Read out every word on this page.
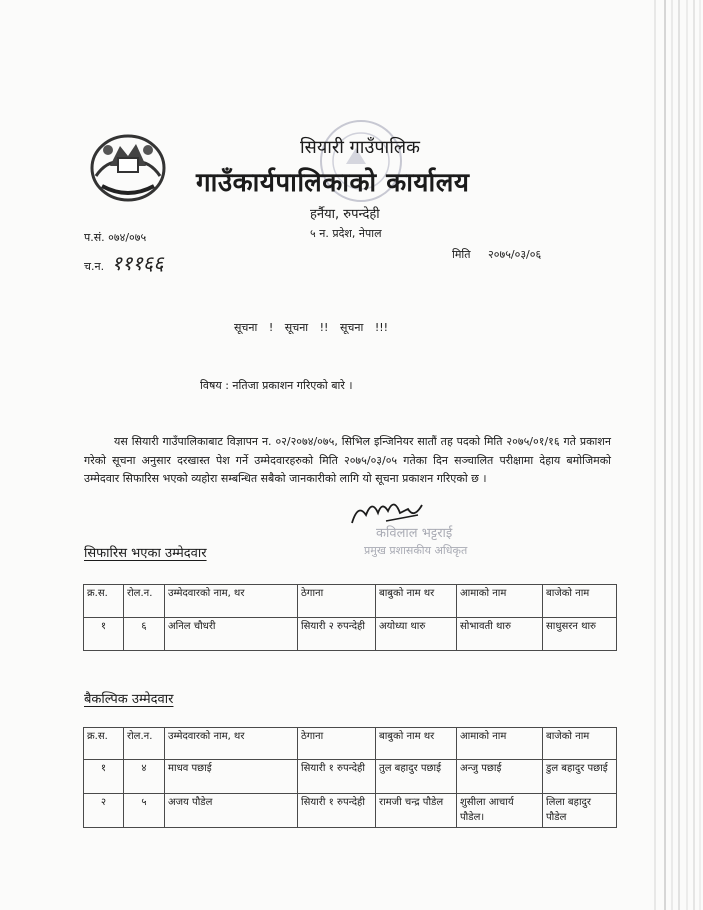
सियारी गाउँपालिक
गाउँकार्यपालिकाको कार्यालय
हर्नैया, रुपन्देही
५ न. प्रदेश, नेपाल
प.सं. ०७४/०७५
च.न. १११६६	मिति २०७५/०३/०६
सूचना ! सूचना !! सूचना !!!
विषय : नतिजा प्रकाशन गरिएको बारे ।
यस सियारी गाउँपालिकाबाट विज्ञापन न. ०२/२०७४/०७५, सिभिल इन्जिनियर सातौं तह पदको मिति २०७५/०१/१६ गते प्रकाशन गरेको सूचना अनुसार दरखास्त पेश गर्ने उम्मेदवारहरुको मिति २०७५/०३/०५ गतेका दिन सञ्चालित परीक्षामा देहाय बमोजिमको उम्मेदवार सिफारिस भएको व्यहोरा सम्बन्धित सबैको जानकारीको लागि यो सूचना प्रकाशन गरिएको छ ।
कविलाल भट्टराई
प्रमुख प्रशासकीय अधिकृत
सिफारिस भएका उम्मेदवार
क्र.स.	रोल.न.	उम्मेदवारको नाम, थर	ठेगाना	बाबुको नाम थर	आमाको नाम	बाजेको नाम
१	६	अनिल चौधरी	सियारी २ रुपन्देही	अयोध्या थारु	सोभावती थारु	साधुसरन थारु
बैकल्पिक उम्मेदवार
क्र.स.	रोल.न.	उम्मेदवारको नाम, थर	ठेगाना	बाबुको नाम थर	आमाको नाम	बाजेको नाम
१	४	माधव पछाई	सियारी १ रुपन्देही	तुल बहादुर पछाई	अन्जु पछाई	डुल बहादुर पछाई
२	५	अजय पौडेल	सियारी १ रुपन्देही	रामजी चन्द्र पौडेल	शुसीला आचार्य पौडेल।	लिला बहादुर पौडेल
